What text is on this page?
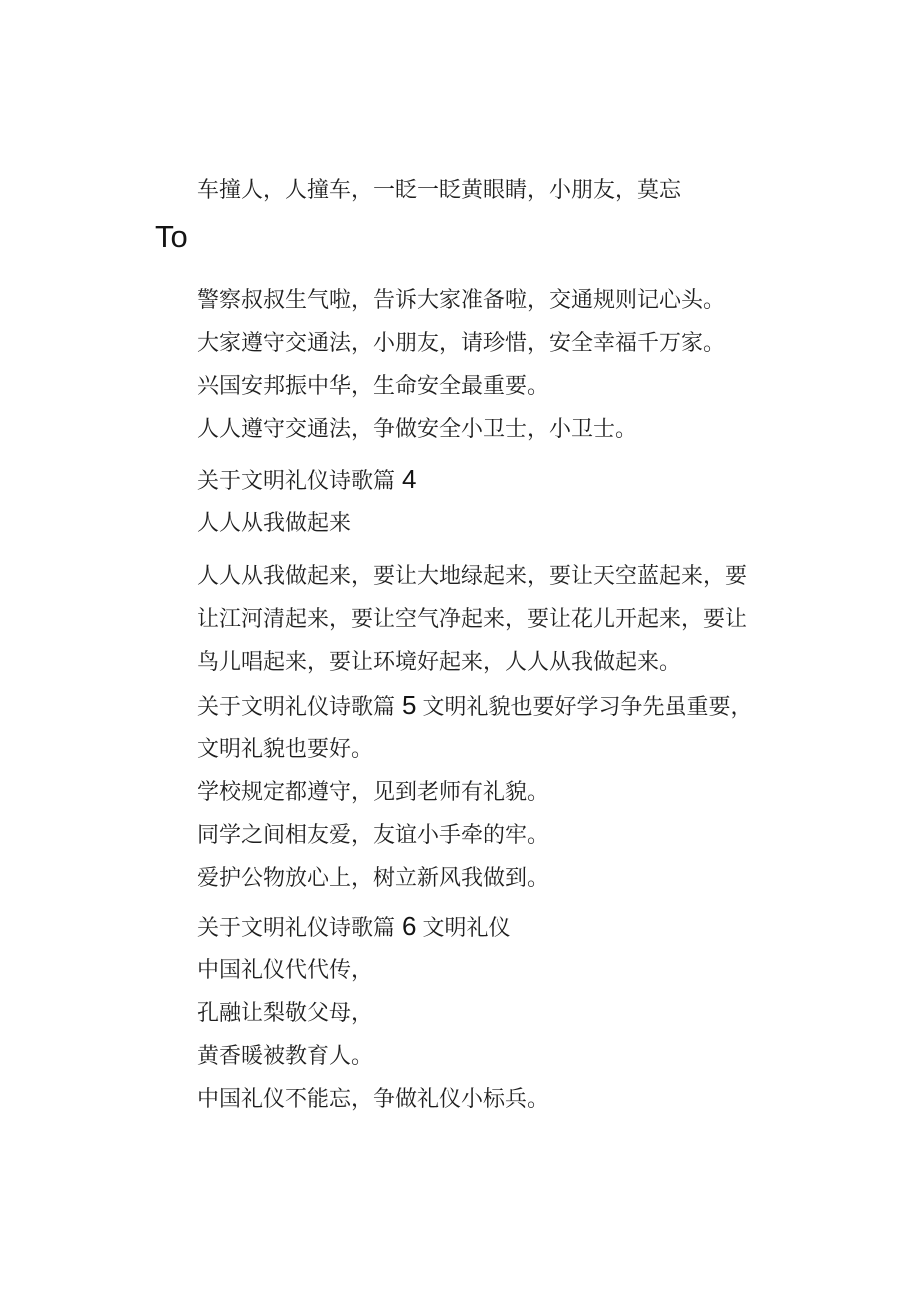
车撞人，人撞车，一眨一眨黄眼睛，小朋友，莫忘

To

警察叔叔生气啦，告诉大家准备啦，交通规则记心头。

大家遵守交通法，小朋友，请珍惜，安全幸福千万家。

兴国安邦振中华，生命安全最重要。

人人遵守交通法，争做安全小卫士，小卫士。

关于文明礼仪诗歌篇 4

人人从我做起来

人人从我做起来，要让大地绿起来，要让天空蓝起来，要

让江河清起来，要让空气净起来，要让花儿开起来，要让

鸟儿唱起来，要让环境好起来，人人从我做起来。

关于文明礼仪诗歌篇 5 文明礼貌也要好学习争先虽重要，

文明礼貌也要好。

学校规定都遵守，见到老师有礼貌。

同学之间相友爱，友谊小手牵的牢。

爱护公物放心上，树立新风我做到。

关于文明礼仪诗歌篇 6 文明礼仪

中国礼仪代代传，

孔融让梨敬父母，

黄香暖被教育人。

中国礼仪不能忘，争做礼仪小标兵。
